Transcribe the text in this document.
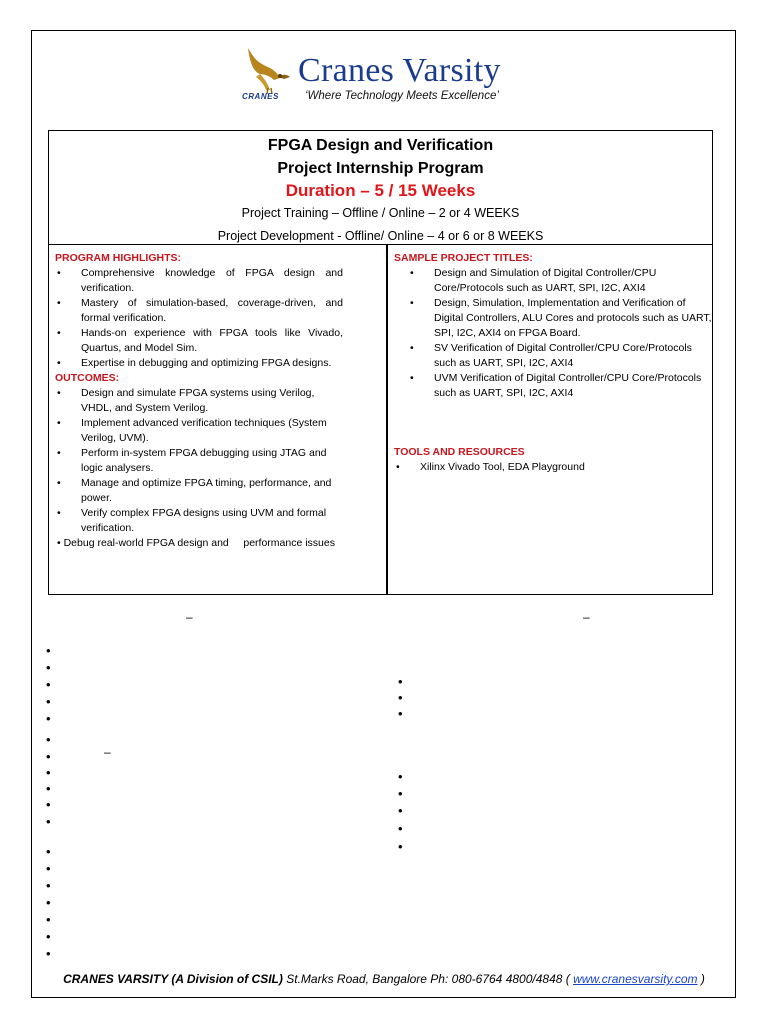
CRANES
Cranes Varsity
‘Where Technology Meets Excellence’
FPGA Design and Verification
Project Internship Program
Duration – 5 / 15 Weeks
Project Training – Offline / Online – 2 or 4 WEEKS
Project Development - Offline/ Online – 4 or 6 or 8 WEEKS
PROGRAM HIGHLIGHTS:
• Comprehensive knowledge of FPGA design and verification.
• Mastery of simulation-based, coverage-driven, and formal verification.
• Hands-on experience with FPGA tools like Vivado, Quartus, and Model Sim.
• Expertise in debugging and optimizing FPGA designs.
OUTCOMES:
• Design and simulate FPGA systems using Verilog, VHDL, and System Verilog.
• Implement advanced verification techniques (System Verilog, UVM).
• Perform in-system FPGA debugging using JTAG and logic analysers.
• Manage and optimize FPGA timing, performance, and power.
• Verify complex FPGA designs using UVM and formal verification.
• Debug real-world FPGA design and     performance issues
SAMPLE PROJECT TITLES:
• Design and Simulation of Digital Controller/CPU Core/Protocols such as UART, SPI, I2C, AXI4
• Design, Simulation, Implementation and Verification of Digital Controllers, ALU Cores and protocols such as UART, SPI, I2C, AXI4 on FPGA Board.
• SV Verification of Digital Controller/CPU Core/Protocols such as UART, SPI, I2C, AXI4
• UVM Verification of Digital Controller/CPU Core/Protocols such as UART, SPI, I2C, AXI4
TOOLS AND RESOURCES
• Xilinx Vivado Tool, EDA Playground
–	–
–
•
•
•
•
•
•
•
•
•
•
•
•
•
•
•
•
•
•
•
•
•
•
•
•
•
•
CRANES VARSITY (A Division of CSIL) St.Marks Road, Bangalore Ph: 080-6764 4800/4848 ( www.cranesvarsity.com )
